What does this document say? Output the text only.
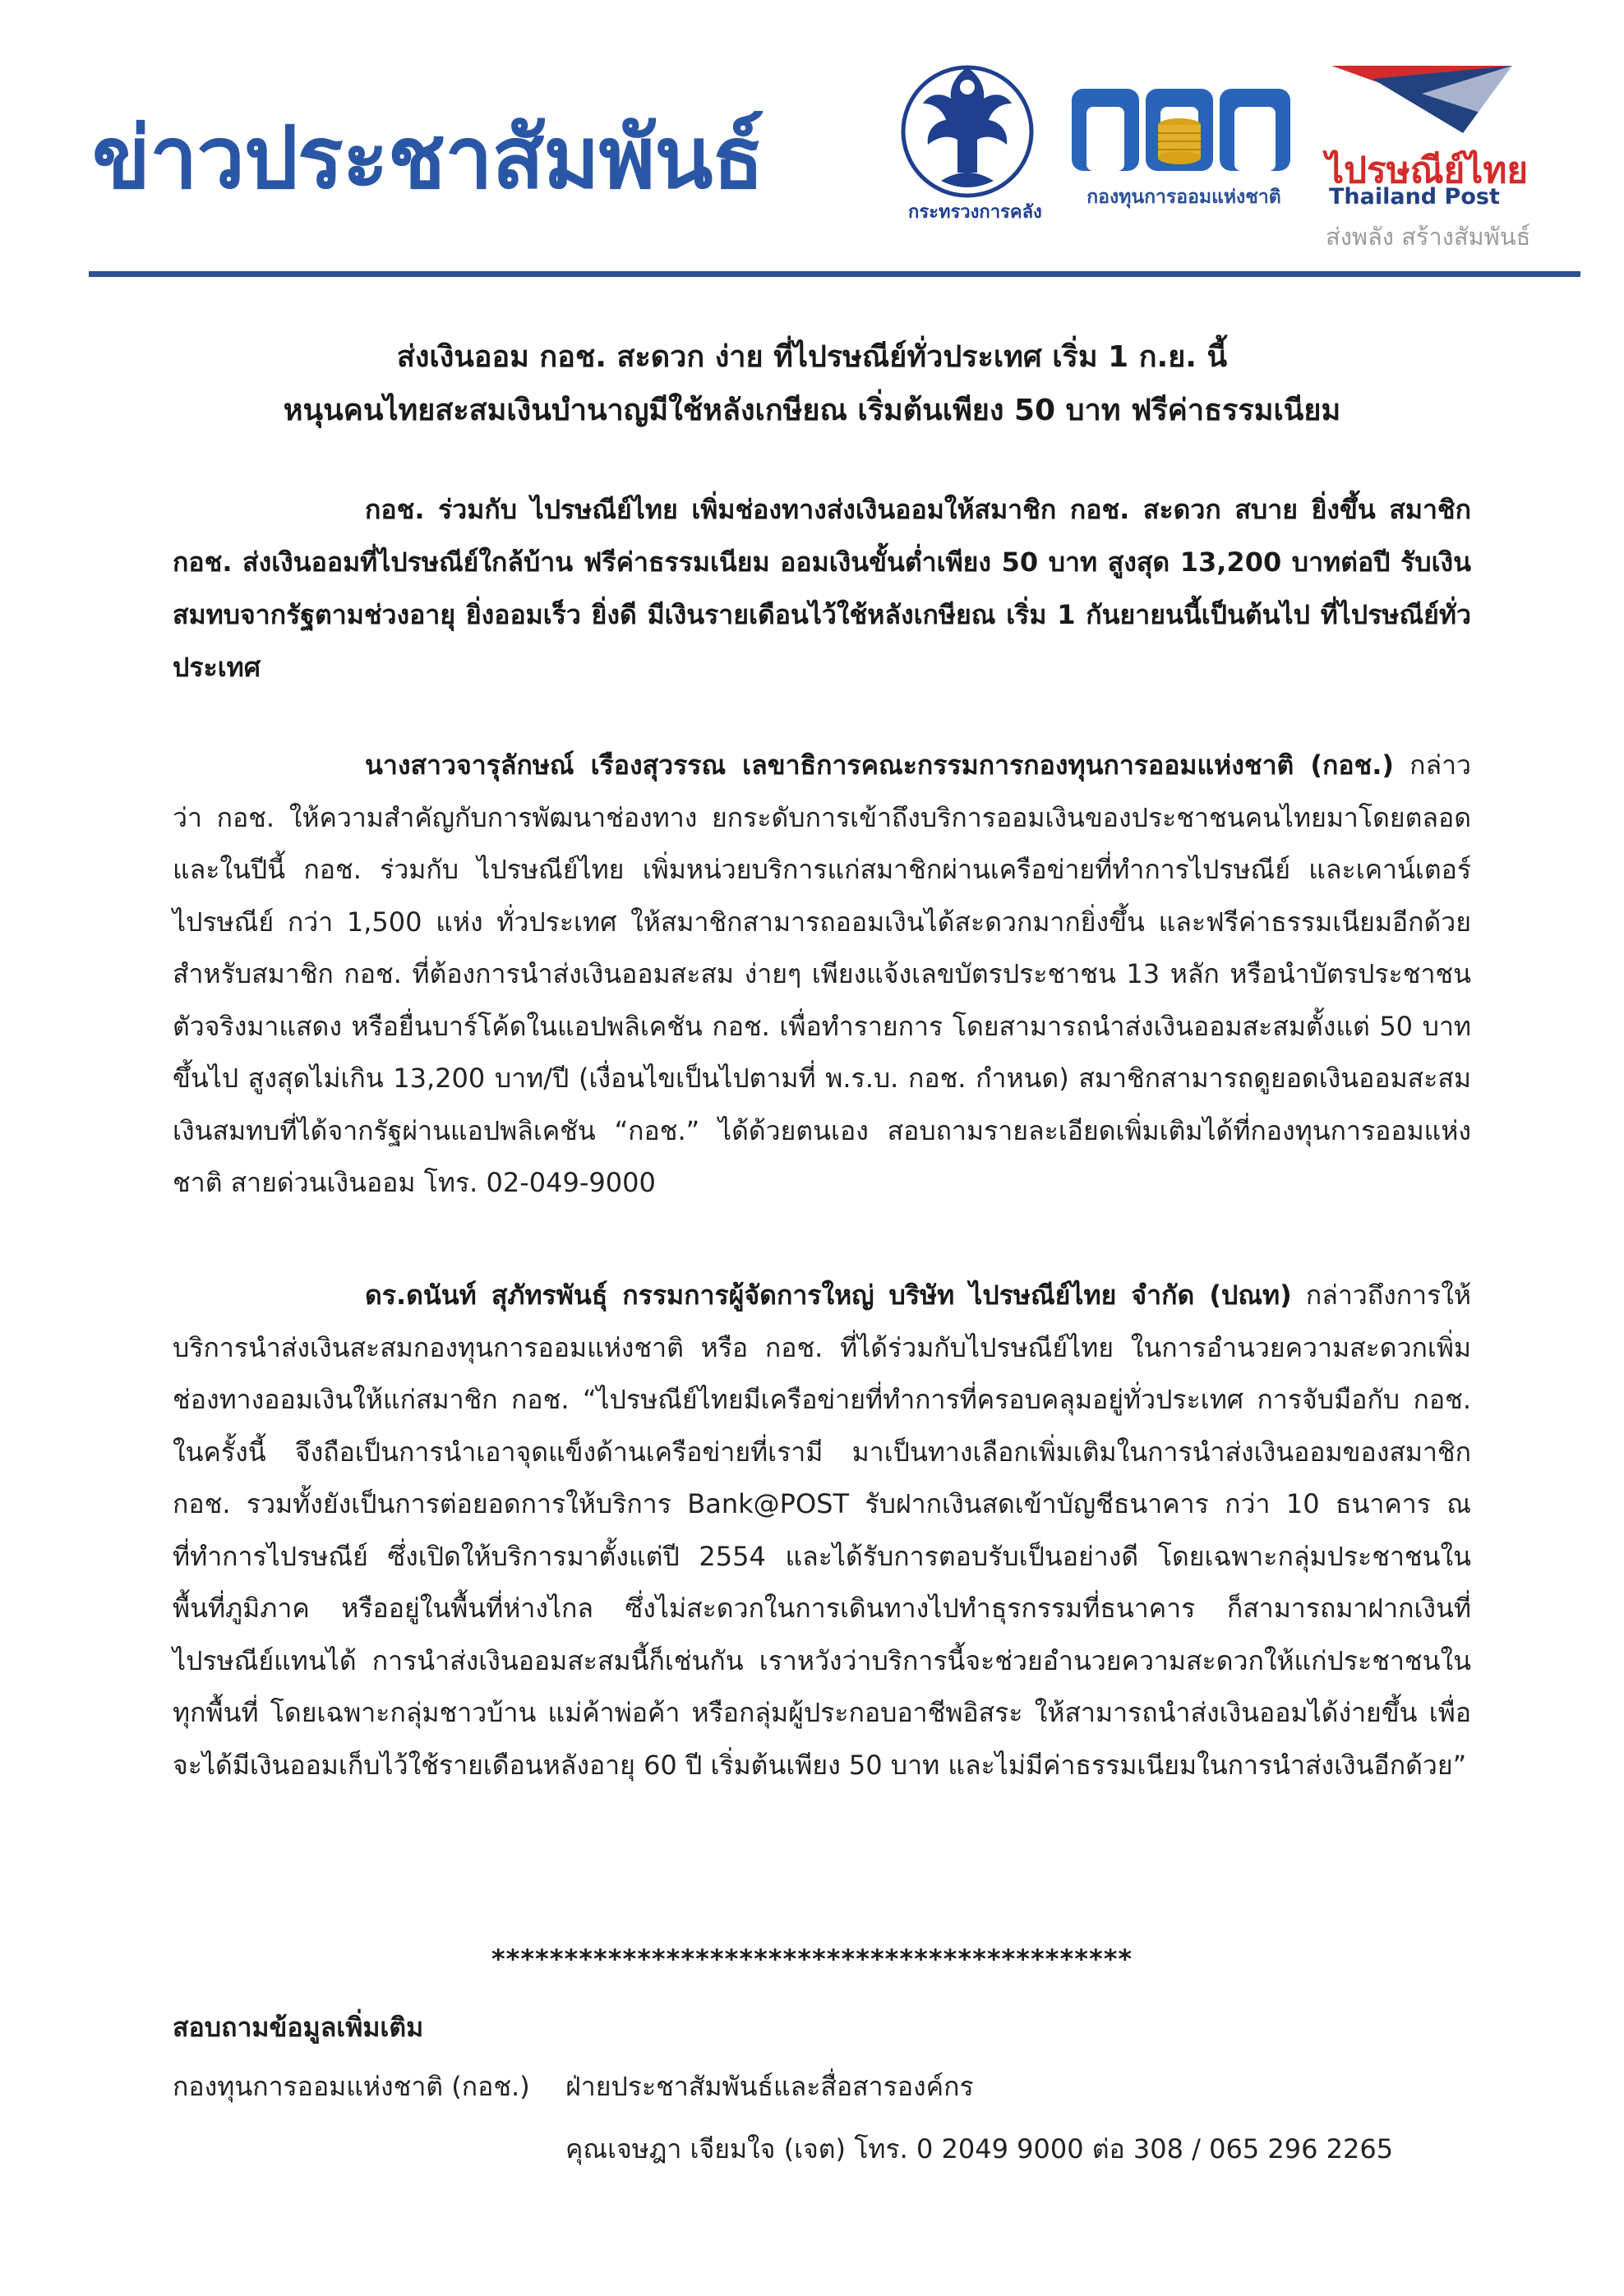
ข่าวประชาสัมพันธ์
กระทรวงการคลัง
กองทุนการออมแห่งชาติ
ไปรษณีย์ไทย
Thailand Post
ส่งพลัง สร้างสัมพันธ์
ส่งเงินออม กอช. สะดวก ง่าย ที่ไปรษณีย์ทั่วประเทศ เริ่ม 1 ก.ย. นี้
หนุนคนไทยสะสมเงินบำนาญมีใช้หลังเกษียณ เริ่มต้นเพียง 50 บาท ฟรีค่าธรรมเนียม
กอช. ร่วมกับ ไปรษณีย์ไทย เพิ่มช่องทางส่งเงินออมให้สมาชิก กอช. สะดวก สบาย ยิ่งขึ้น สมาชิก กอช. ส่งเงินออมที่ไปรษณีย์ใกล้บ้าน ฟรีค่าธรรมเนียม ออมเงินขั้นต่ำเพียง 50 บาท สูงสุด 13,200 บาทต่อปี รับเงินสมทบจากรัฐตามช่วงอายุ ยิ่งออมเร็ว ยิ่งดี มีเงินรายเดือนไว้ใช้หลังเกษียณ เริ่ม 1 กันยายนนี้เป็นต้นไป ที่ไปรษณีย์ทั่วประเทศ
นางสาวจารุลักษณ์ เรืองสุวรรณ เลขาธิการคณะกรรมการกองทุนการออมแห่งชาติ (กอช.) กล่าวว่า กอช. ให้ความสำคัญกับการพัฒนาช่องทาง ยกระดับการเข้าถึงบริการออมเงินของประชาชนคนไทยมาโดยตลอด และในปีนี้ กอช. ร่วมกับ ไปรษณีย์ไทย เพิ่มหน่วยบริการแก่สมาชิกผ่านเครือข่ายที่ทำการไปรษณีย์ และเคาน์เตอร์ไปรษณีย์ กว่า 1,500 แห่ง ทั่วประเทศ ให้สมาชิกสามารถออมเงินได้สะดวกมากยิ่งขึ้น และฟรีค่าธรรมเนียมอีกด้วย สำหรับสมาชิก กอช. ที่ต้องการนำส่งเงินออมสะสม ง่ายๆ เพียงแจ้งเลขบัตรประชาชน 13 หลัก หรือนำบัตรประชาชนตัวจริงมาแสดง หรือยื่นบาร์โค้ดในแอปพลิเคชัน กอช. เพื่อทำรายการ โดยสามารถนำส่งเงินออมสะสมตั้งแต่ 50 บาทขึ้นไป สูงสุดไม่เกิน 13,200 บาท/ปี (เงื่อนไขเป็นไปตามที่ พ.ร.บ. กอช. กำหนด) สมาชิกสามารถดูยอดเงินออมสะสม เงินสมทบที่ได้จากรัฐผ่านแอปพลิเคชัน “กอช.” ได้ด้วยตนเอง สอบถามรายละเอียดเพิ่มเติมได้ที่กองทุนการออมแห่งชาติ สายด่วนเงินออม โทร. 02-049-9000
ดร.ดนันท์ สุภัทรพันธุ์ กรรมการผู้จัดการใหญ่ บริษัท ไปรษณีย์ไทย จำกัด (ปณท) กล่าวถึงการให้บริการนำส่งเงินสะสมกองทุนการออมแห่งชาติ หรือ กอช. ที่ได้ร่วมกับไปรษณีย์ไทย ในการอำนวยความสะดวกเพิ่มช่องทางออมเงินให้แก่สมาชิก กอช. “ไปรษณีย์ไทยมีเครือข่ายที่ทำการที่ครอบคลุมอยู่ทั่วประเทศ การจับมือกับ กอช. ในครั้งนี้ จึงถือเป็นการนำเอาจุดแข็งด้านเครือข่ายที่เรามี มาเป็นทางเลือกเพิ่มเติมในการนำส่งเงินออมของสมาชิก กอช. รวมทั้งยังเป็นการต่อยอดการให้บริการ Bank@POST รับฝากเงินสดเข้าบัญชีธนาคาร กว่า 10 ธนาคาร ณ ที่ทำการไปรษณีย์ ซึ่งเปิดให้บริการมาตั้งแต่ปี 2554 และได้รับการตอบรับเป็นอย่างดี โดยเฉพาะกลุ่มประชาชนในพื้นที่ภูมิภาค หรืออยู่ในพื้นที่ห่างไกล ซึ่งไม่สะดวกในการเดินทางไปทำธุรกรรมที่ธนาคาร ก็สามารถมาฝากเงินที่ไปรษณีย์แทนได้ การนำส่งเงินออมสะสมนี้ก็เช่นกัน เราหวังว่าบริการนี้จะช่วยอำนวยความสะดวกให้แก่ประชาชนในทุกพื้นที่ โดยเฉพาะกลุ่มชาวบ้าน แม่ค้าพ่อค้า หรือกลุ่มผู้ประกอบอาชีพอิสระ ให้สามารถนำส่งเงินออมได้ง่ายขึ้น เพื่อจะได้มีเงินออมเก็บไว้ใช้รายเดือนหลังอายุ 60 ปี เริ่มต้นเพียง 50 บาท และไม่มีค่าธรรมเนียมในการนำส่งเงินอีกด้วย”
********************************************
สอบถามข้อมูลเพิ่มเติม
กองทุนการออมแห่งชาติ (กอช.) ฝ่ายประชาสัมพันธ์และสื่อสารองค์กร
คุณเจษฎา เจียมใจ (เจต) โทร. 0 2049 9000 ต่อ 308 / 065 296 2265
